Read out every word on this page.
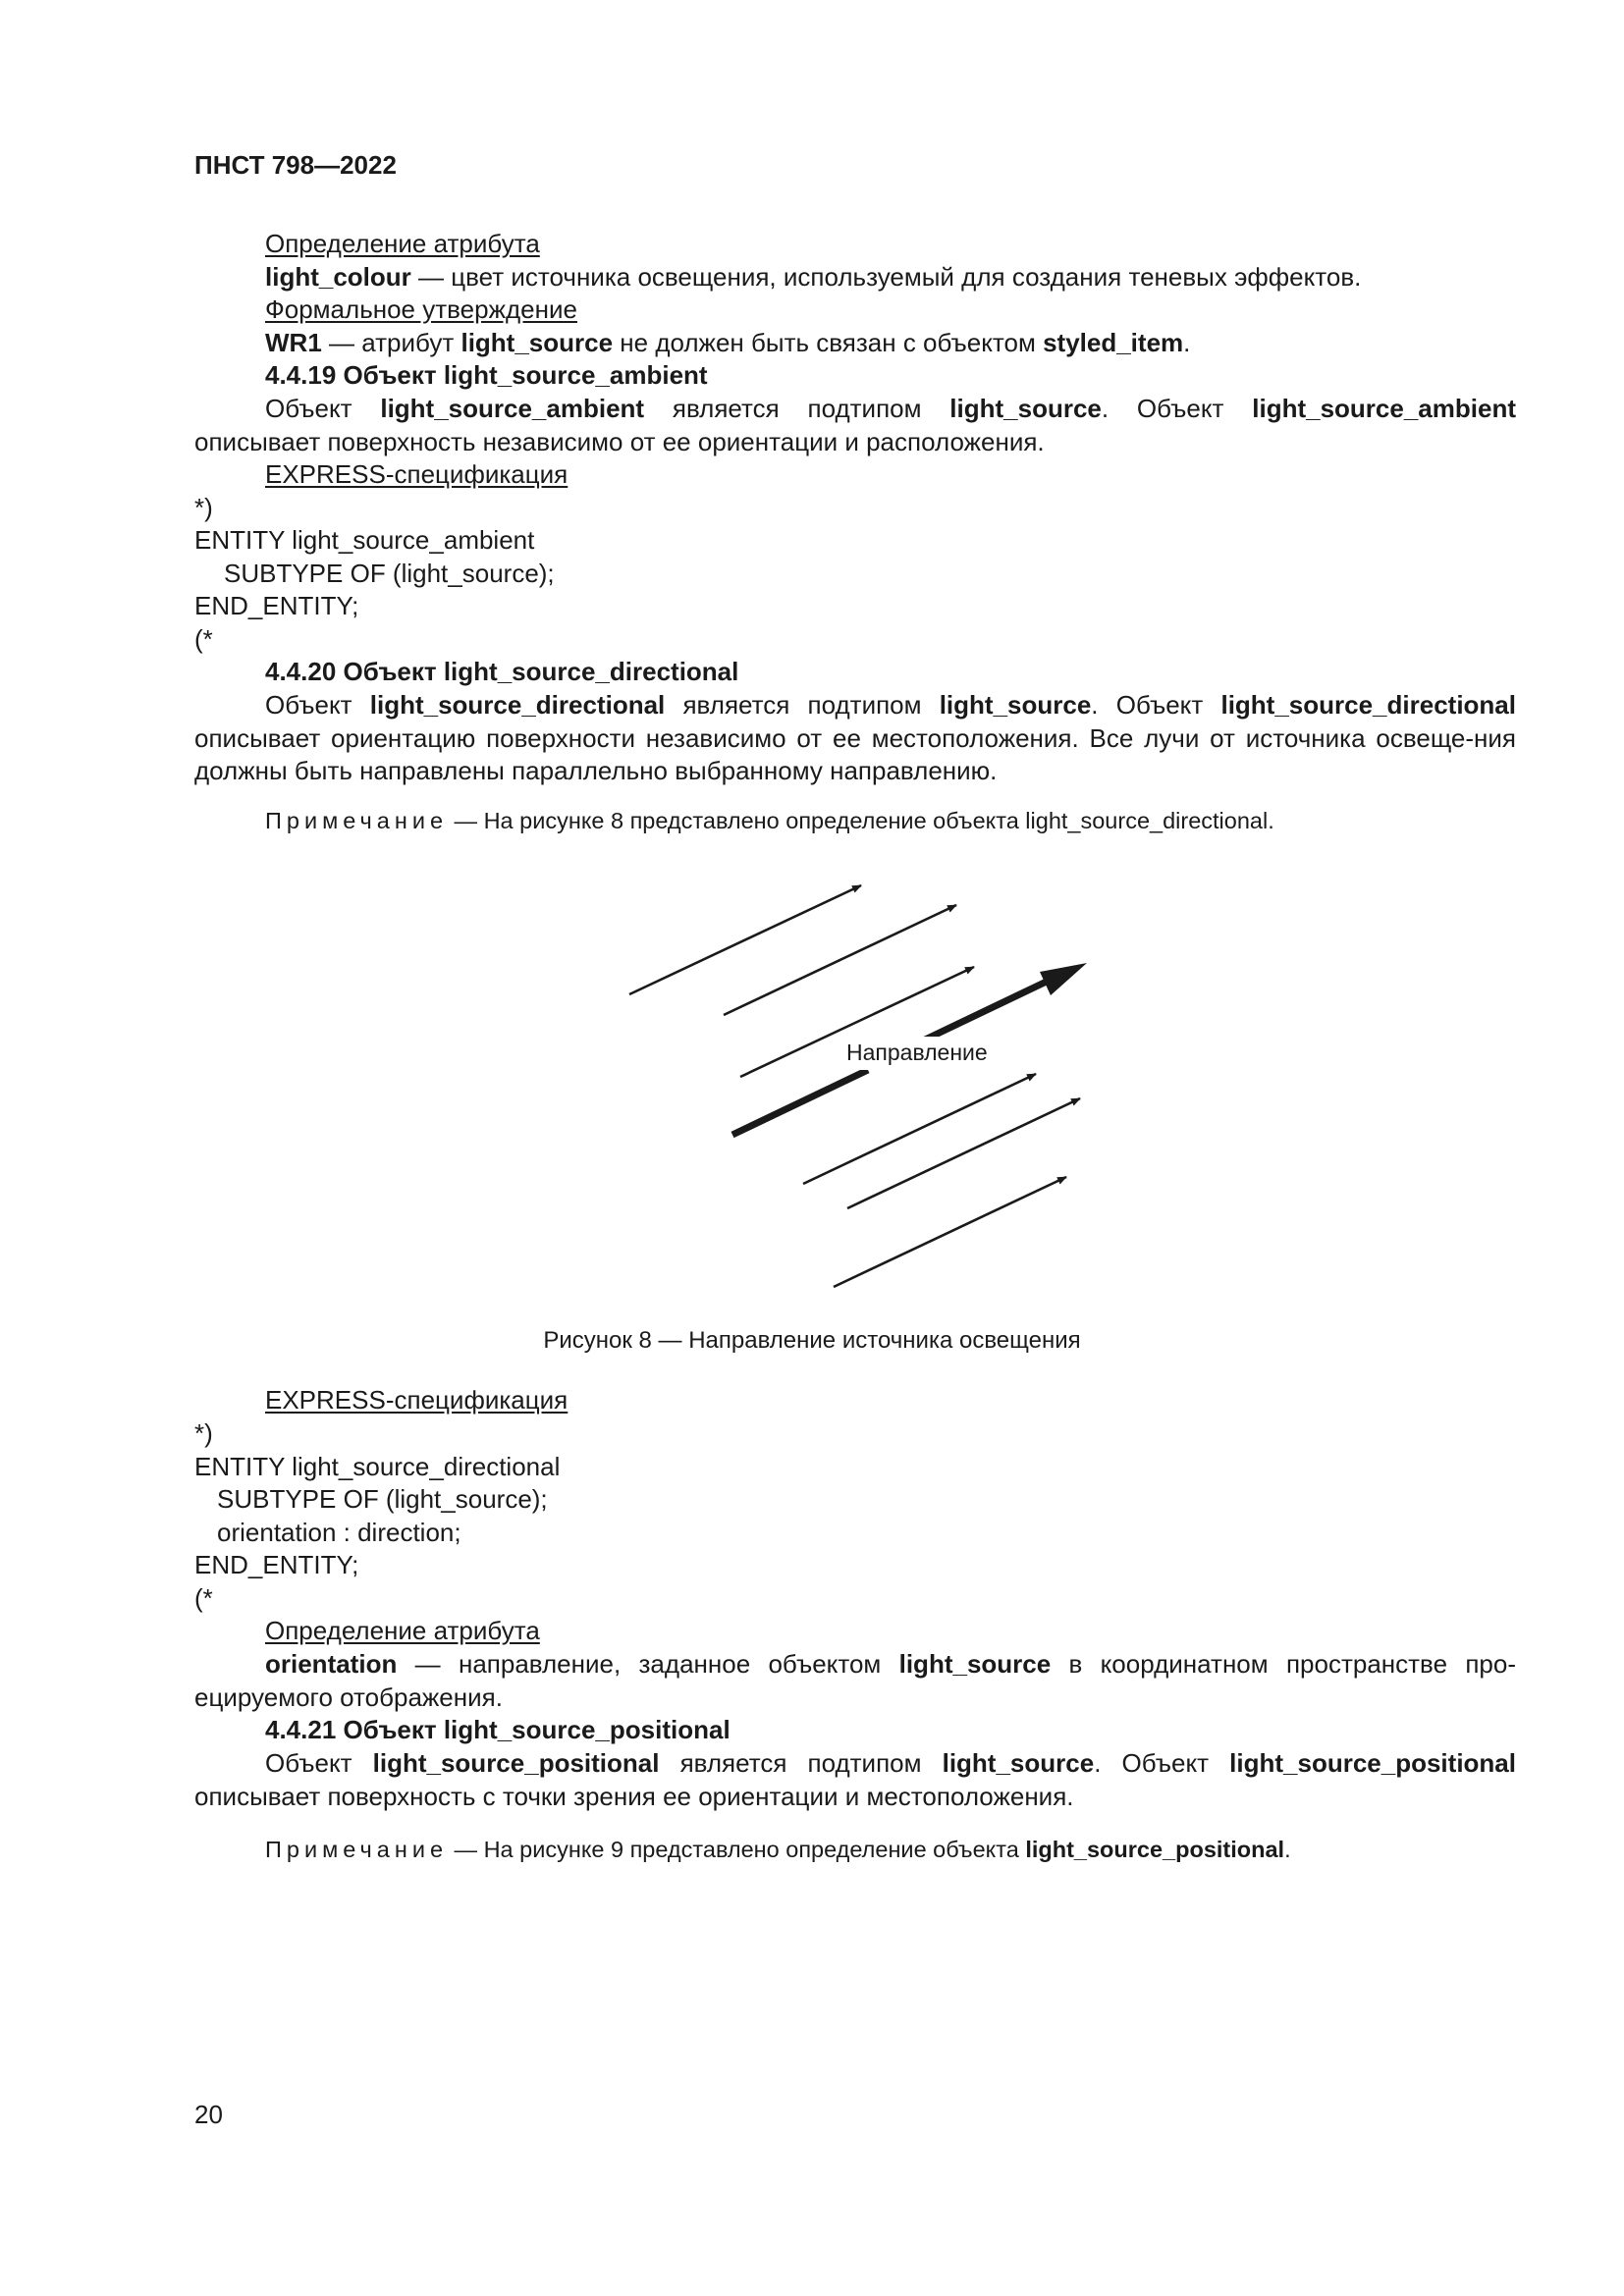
ПНСТ 798—2022

Определение атрибута

light_colour — цвет источника освещения, используемый для создания теневых эффектов.

Формальное утверждение

WR1 — атрибут light_source не должен быть связан с объектом styled_item.

4.4.19 Объект light_source_ambient

Объект light_source_ambient является подтипом light_source. Объект light_source_ambient описывает поверхность независимо от ее ориентации и расположения.

EXPRESS-спецификация

*)

ENTITY light_source_ambient

SUBTYPE OF (light_source);

END_ENTITY;

(*

4.4.20 Объект light_source_directional

Объект light_source_directional является подтипом light_source. Объект light_source_directional описывает ориентацию поверхности независимо от ее местоположения. Все лучи от источника освеще-ния должны быть направлены параллельно выбранному направлению.

Примечание — На рисунке 8 представлено определение объекта light_source_directional.

Направление

Рисунок 8 — Направление источника освещения

EXPRESS-спецификация

*)

ENTITY light_source_directional

SUBTYPE OF (light_source);

orientation : direction;

END_ENTITY;

(*

Определение атрибута

orientation — направление, заданное объектом light_source в координатном пространстве про-ецируемого отображения.

4.4.21 Объект light_source_positional

Объект light_source_positional является подтипом light_source. Объект light_source_positional описывает поверхность с точки зрения ее ориентации и местоположения.

Примечание — На рисунке 9 представлено определение объекта light_source_positional.

20
